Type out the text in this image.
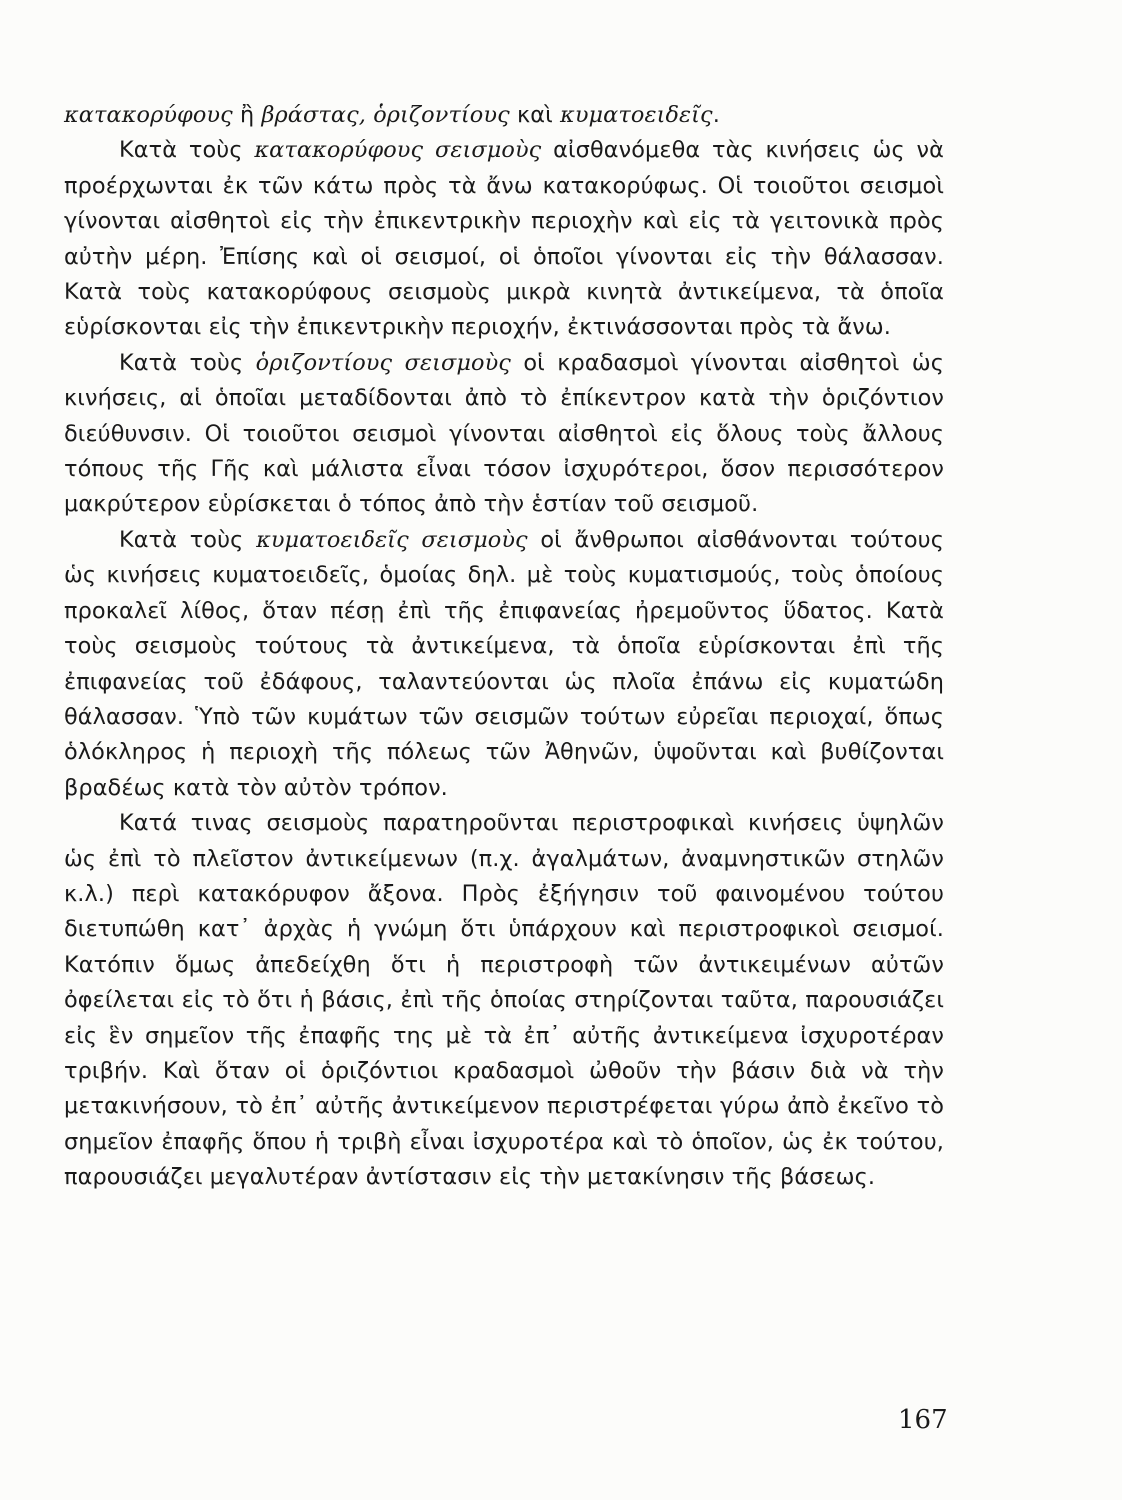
κατακορύφους ἢ βράστας, ὁριζοντίους καὶ κυματοειδεῖς.

Κατὰ τοὺς κατακορύφους σεισμοὺς αἰσθανόμεθα τὰς κινήσεις ὡς νὰ προέρχωνται ἐκ τῶν κάτω πρὸς τὰ ἄνω κατακορύφως. Οἱ τοιοῦτοι σεισμοὶ γίνονται αἰσθητοὶ εἰς τὴν ἐπικεντρικὴν περιοχὴν καὶ εἰς τὰ γειτονικὰ πρὸς αὐτὴν μέρη. Ἐπίσης καὶ οἱ σεισμοί, οἱ ὁποῖοι γίνονται εἰς τὴν θάλασσαν. Κατὰ τοὺς κατακορύφους σεισμοὺς μικρὰ κινητὰ ἀντικείμενα, τὰ ὁποῖα εὑρίσκονται εἰς τὴν ἐπικεντρικὴν περιοχήν, ἐκτινάσσονται πρὸς τὰ ἄνω.

Κατὰ τοὺς ὁριζοντίους σεισμοὺς οἱ κραδασμοὶ γίνονται αἰσθητοὶ ὡς κινήσεις, αἱ ὁποῖαι μεταδίδονται ἀπὸ τὸ ἐπίκεντρον κατὰ τὴν ὁριζόντιον διεύθυνσιν. Οἱ τοιοῦτοι σεισμοὶ γίνονται αἰσθητοὶ εἰς ὅλους τοὺς ἄλλους τόπους τῆς Γῆς καὶ μάλιστα εἶναι τόσον ἰσχυρότεροι, ὅσον περισσότερον μακρύτερον εὑρίσκεται ὁ τόπος ἀπὸ τὴν ἑστίαν τοῦ σεισμοῦ.

Κατὰ τοὺς κυματοειδεῖς σεισμοὺς οἱ ἄνθρωποι αἰσθάνονται τούτους ὡς κινήσεις κυματοειδεῖς, ὁμοίας δηλ. μὲ τοὺς κυματισμούς, τοὺς ὁποίους προκαλεῖ λίθος, ὅταν πέσῃ ἐπὶ τῆς ἐπιφανείας ἠρεμοῦντος ὕδατος. Κατὰ τοὺς σεισμοὺς τούτους τὰ ἀντικείμενα, τὰ ὁποῖα εὑρίσκονται ἐπὶ τῆς ἐπιφανείας τοῦ ἐδάφους, ταλαντεύονται ὡς πλοῖα ἐπάνω εἰς κυματώδη θάλασσαν. Ὑπὸ τῶν κυμάτων τῶν σεισμῶν τούτων εὐρεῖαι περιοχαί, ὅπως ὁλόκληρος ἡ περιοχὴ τῆς πόλεως τῶν Ἀθηνῶν, ὑψοῦνται καὶ βυθίζονται βραδέως κατὰ τὸν αὐτὸν τρόπον.

Κατά τινας σεισμοὺς παρατηροῦνται περιστροφικαὶ κινήσεις ὑψηλῶν ὡς ἐπὶ τὸ πλεῖστον ἀντικείμενων (π.χ. ἀγαλμάτων, ἀναμνηστικῶν στηλῶν κ.λ.) περὶ κατακόρυφον ἄξονα. Πρὸς ἐξήγησιν τοῦ φαινομένου τούτου διετυπώθη κατ᾽ ἀρχὰς ἡ γνώμη ὅτι ὑπάρχουν καὶ περιστροφικοὶ σεισμοί. Κατόπιν ὅμως ἀπεδείχθη ὅτι ἡ περιστροφὴ τῶν ἀντικειμένων αὐτῶν ὀφείλεται εἰς τὸ ὅτι ἡ βάσις, ἐπὶ τῆς ὁποίας στηρίζονται ταῦτα, παρουσιάζει εἰς ἓν σημεῖον τῆς ἐπαφῆς της μὲ τὰ ἐπ᾽ αὐτῆς ἀντικείμενα ἰσχυροτέραν τριβήν. Καὶ ὅταν οἱ ὁριζόντιοι κραδασμοὶ ὠθοῦν τὴν βάσιν διὰ νὰ τὴν μετακινήσουν, τὸ ἐπ᾽ αὐτῆς ἀντικείμενον περιστρέφεται γύρω ἀπὸ ἐκεῖνο τὸ σημεῖον ἐπαφῆς ὅπου ἡ τριβὴ εἶναι ἰσχυροτέρα καὶ τὸ ὁποῖον, ὡς ἐκ τούτου, παρουσιάζει μεγαλυτέραν ἀντίστασιν εἰς τὴν μετακίνησιν τῆς βάσεως.

167
